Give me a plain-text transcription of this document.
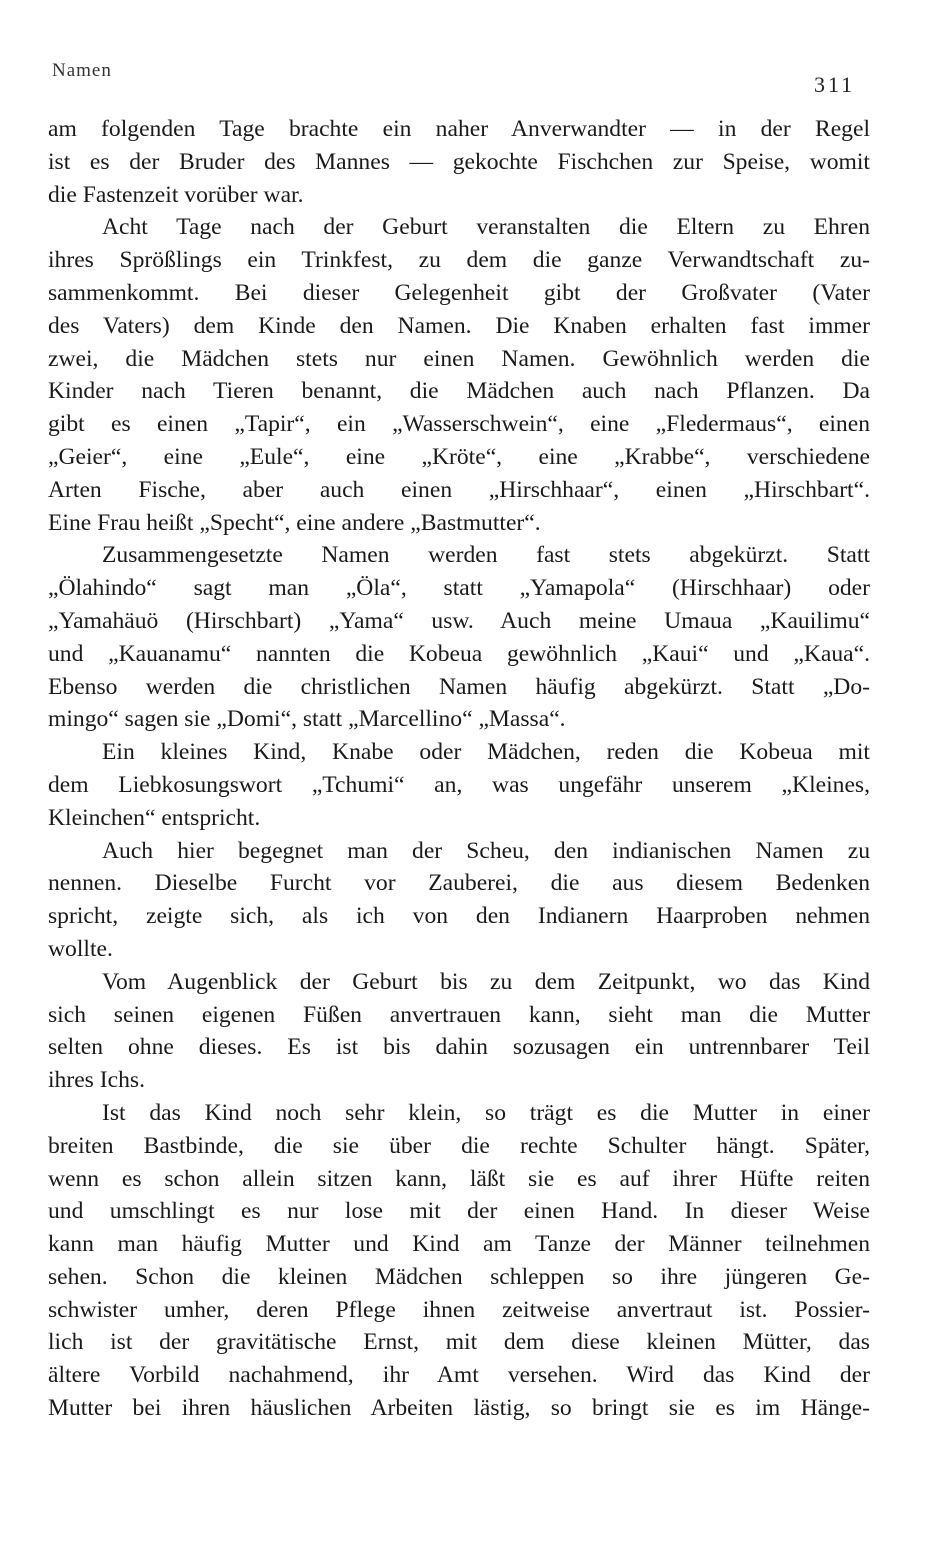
Namen
311
am folgenden Tage brachte ein naher Anverwandter — in der Regel
ist es der Bruder des Mannes — gekochte Fischchen zur Speise, womit
die Fastenzeit vorüber war.
Acht Tage nach der Geburt veranstalten die Eltern zu Ehren
ihres Sprößlings ein Trinkfest, zu dem die ganze Verwandtschaft zu-
sammenkommt. Bei dieser Gelegenheit gibt der Großvater (Vater
des Vaters) dem Kinde den Namen. Die Knaben erhalten fast immer
zwei, die Mädchen stets nur einen Namen. Gewöhnlich werden die
Kinder nach Tieren benannt, die Mädchen auch nach Pflanzen. Da
gibt es einen „Tapir“, ein „Wasserschwein“, eine „Fledermaus“, einen
„Geier“, eine „Eule“, eine „Kröte“, eine „Krabbe“, verschiedene
Arten Fische, aber auch einen „Hirschhaar“, einen „Hirschbart“.
Eine Frau heißt „Specht“, eine andere „Bastmutter“.
Zusammengesetzte Namen werden fast stets abgekürzt. Statt
„Ölahindo“ sagt man „Öla“, statt „Yamapola“ (Hirschhaar) oder
„Yamahäuö (Hirschbart) „Yama“ usw. Auch meine Umaua „Kauilimu“
und „Kauanamu“ nannten die Kobeua gewöhnlich „Kaui“ und „Kaua“.
Ebenso werden die christlichen Namen häufig abgekürzt. Statt „Do-
mingo“ sagen sie „Domi“, statt „Marcellino“ „Massa“.
Ein kleines Kind, Knabe oder Mädchen, reden die Kobeua mit
dem Liebkosungswort „Tchumi“ an, was ungefähr unserem „Kleines,
Kleinchen“ entspricht.
Auch hier begegnet man der Scheu, den indianischen Namen zu
nennen. Dieselbe Furcht vor Zauberei, die aus diesem Bedenken
spricht, zeigte sich, als ich von den Indianern Haarproben nehmen
wollte.
Vom Augenblick der Geburt bis zu dem Zeitpunkt, wo das Kind
sich seinen eigenen Füßen anvertrauen kann, sieht man die Mutter
selten ohne dieses. Es ist bis dahin sozusagen ein untrennbarer Teil
ihres Ichs.
Ist das Kind noch sehr klein, so trägt es die Mutter in einer
breiten Bastbinde, die sie über die rechte Schulter hängt. Später,
wenn es schon allein sitzen kann, läßt sie es auf ihrer Hüfte reiten
und umschlingt es nur lose mit der einen Hand. In dieser Weise
kann man häufig Mutter und Kind am Tanze der Männer teilnehmen
sehen. Schon die kleinen Mädchen schleppen so ihre jüngeren Ge-
schwister umher, deren Pflege ihnen zeitweise anvertraut ist. Possier-
lich ist der gravitätische Ernst, mit dem diese kleinen Mütter, das
ältere Vorbild nachahmend, ihr Amt versehen. Wird das Kind der
Mutter bei ihren häuslichen Arbeiten lästig, so bringt sie es im Hänge-
